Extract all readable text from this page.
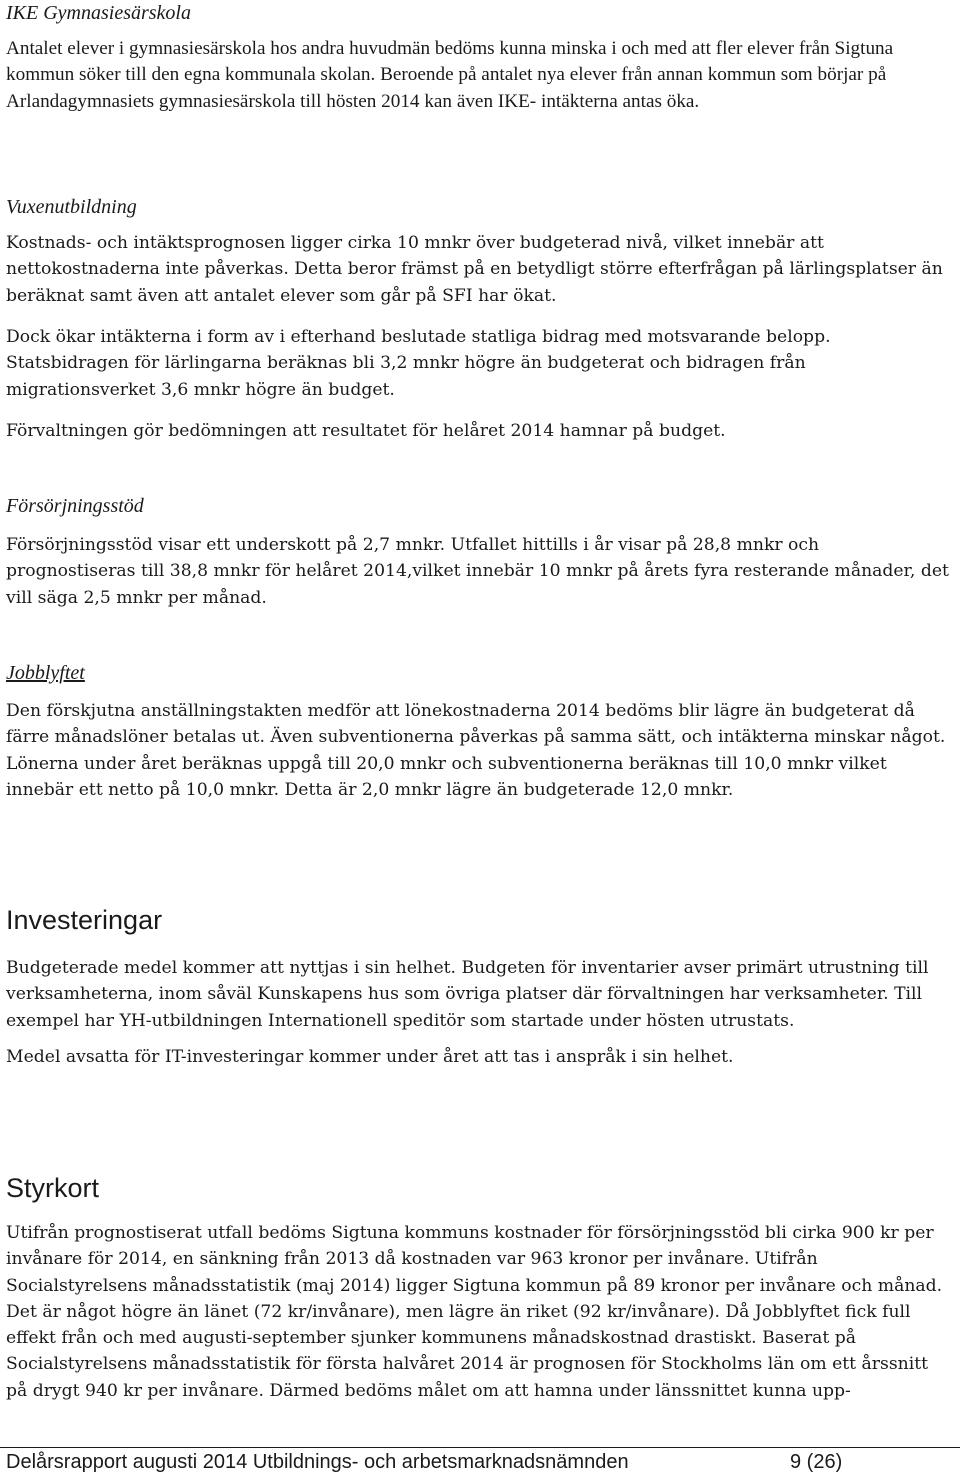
IKE Gymnasiesärskola

Antalet elever i gymnasiesärskola hos andra huvudmän bedöms kunna minska i och med att fler elever från Sigtuna kommun söker till den egna kommunala skolan. Beroende på antalet nya elever från annan kommun som börjar på Arlandagymnasiets gymnasiesärskola till hösten 2014 kan även IKE- intäkterna antas öka.

Vuxenutbildning

Kostnads- och intäktsprognosen ligger cirka 10 mnkr över budgeterad nivå, vilket innebär att nettokostnaderna inte påverkas. Detta beror främst på en betydligt större efterfrågan på lärlingsplatser än beräknat samt även att antalet elever som går på SFI har ökat.

Dock ökar intäkterna i form av i efterhand beslutade statliga bidrag med motsvarande belopp. Statsbidragen för lärlingarna beräknas bli 3,2 mnkr högre än budgeterat och bidragen från migrationsverket 3,6 mnkr högre än budget.

Förvaltningen gör bedömningen att resultatet för helåret 2014 hamnar på budget.

Försörjningsstöd

Försörjningsstöd visar ett underskott på 2,7 mnkr. Utfallet hittills i år visar på 28,8 mnkr och prognostiseras till 38,8 mnkr för helåret 2014,vilket innebär 10 mnkr på årets fyra resterande månader, det vill säga 2,5 mnkr per månad.

Jobblyftet

Den förskjutna anställningstakten medför att lönekostnaderna 2014 bedöms blir lägre än budgeterat då färre månadslöner betalas ut. Även subventionerna påverkas på samma sätt, och intäkterna minskar något. Lönerna under året beräknas uppgå till 20,0 mnkr och subventionerna beräknas till 10,0 mnkr vilket innebär ett netto på 10,0 mnkr. Detta är 2,0 mnkr lägre än budgeterade 12,0 mnkr.

Investeringar

Budgeterade medel kommer att nyttjas i sin helhet. Budgeten för inventarier avser primärt utrustning till verksamheterna, inom såväl Kunskapens hus som övriga platser där förvaltningen har verksamheter. Till exempel har YH-utbildningen Internationell speditör som startade under hösten utrustats.

Medel avsatta för IT-investeringar kommer under året att tas i anspråk i sin helhet.

Styrkort

Utifrån prognostiserat utfall bedöms Sigtuna kommuns kostnader för försörjningsstöd bli cirka 900 kr per invånare för 2014, en sänkning från 2013 då kostnaden var 963 kronor per invånare. Utifrån Socialstyrelsens månadsstatistik (maj 2014) ligger Sigtuna kommun på 89 kronor per invånare och månad. Det är något högre än länet (72 kr/invånare), men lägre än riket (92 kr/invånare). Då Jobblyftet fick full effekt från och med augusti-september sjunker kommunens månadskostnad drastiskt. Baserat på Socialstyrelsens månadsstatistik för första halvåret 2014 är prognosen för Stockholms län om ett årssnitt på drygt 940 kr per invånare. Därmed bedöms målet om att hamna under länssnittet kunna upp-

Delårsrapport augusti 2014 Utbildnings- och arbetsmarknadsnämnden	9 (26)
